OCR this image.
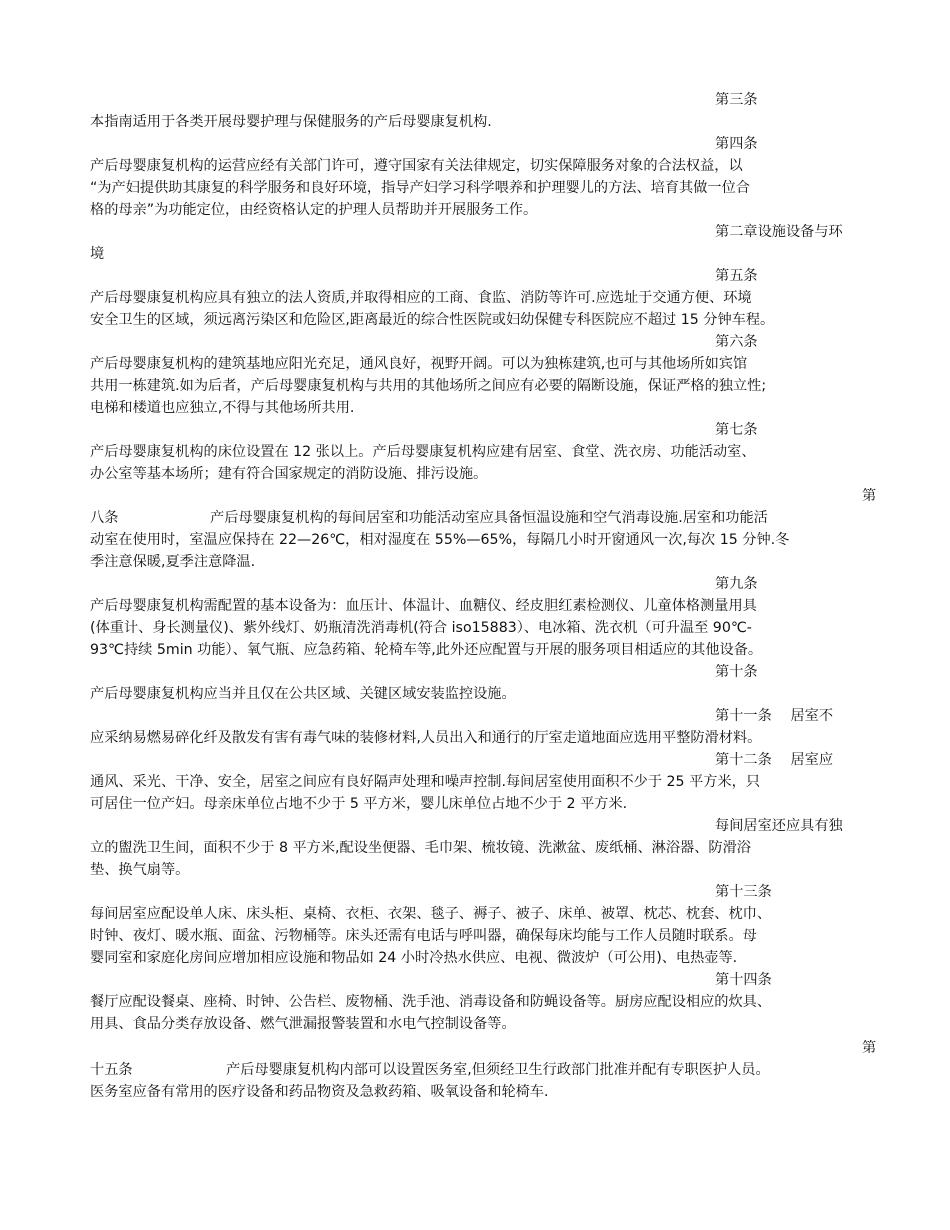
第三条
本指南适用于各类开展母婴护理与保健服务的产后母婴康复机构.
第四条
产后母婴康复机构的运营应经有关部门许可，遵守国家有关法律规定，切实保障服务对象的合法权益，以
“为产妇提供助其康复的科学服务和良好环境，指导产妇学习科学喂养和护理婴儿的方法、培育其做一位合
格的母亲”为功能定位，由经资格认定的护理人员帮助并开展服务工作。
第二章设施设备与环
境
第五条
产后母婴康复机构应具有独立的法人资质,并取得相应的工商、食监、消防等许可.应选址于交通方便、环境
安全卫生的区域，须远离污染区和危险区,距离最近的综合性医院或妇幼保健专科医院应不超过 15 分钟车程。
第六条
产后母婴康复机构的建筑基地应阳光充足，通风良好，视野开阔。可以为独栋建筑,也可与其他场所如宾馆
共用一栋建筑.如为后者，产后母婴康复机构与共用的其他场所之间应有必要的隔断设施，保证严格的独立性;
电梯和楼道也应独立,不得与其他场所共用.
第七条
产后母婴康复机构的床位设置在 12 张以上。产后母婴康复机构应建有居室、食堂、洗衣房、功能活动室、
办公室等基本场所；建有符合国家规定的消防设施、排污设施。
第
八条	产后母婴康复机构的每间居室和功能活动室应具备恒温设施和空气消毒设施.居室和功能活
动室在使用时，室温应保持在 22—26℃，相对湿度在 55%—65%，每隔几小时开窗通风一次,每次 15 分钟.冬
季注意保暖,夏季注意降温.
第九条
产后母婴康复机构需配置的基本设备为：血压计、体温计、血糖仪、经皮胆红素检测仪、儿童体格测量用具
(体重计、身长测量仪)、紫外线灯、奶瓶清洗消毒机(符合 iso15883）、电冰箱、洗衣机（可升温至 90℃-
93℃持续 5min 功能）、氧气瓶、应急药箱、轮椅车等,此外还应配置与开展的服务项目相适应的其他设备。
第十条
产后母婴康复机构应当并且仅在公共区域、关键区域安装监控设施。
第十一条　 居室不
应采纳易燃易碎化纤及散发有害有毒气味的装修材料,人员出入和通行的厅室走道地面应选用平整防滑材料。
第十二条　 居室应
通风、采光、干净、安全，居室之间应有良好隔声处理和噪声控制.每间居室使用面积不少于 25 平方米，只
可居住一位产妇。母亲床单位占地不少于 5 平方米，婴儿床单位占地不少于 2 平方米.
每间居室还应具有独
立的盥洗卫生间，面积不少于 8 平方米,配设坐便器、毛巾架、梳妆镜、洗漱盆、废纸桶、淋浴器、防滑浴
垫、换气扇等。
第十三条
每间居室应配设单人床、床头柜、桌椅、衣柜、衣架、毯子、褥子、被子、床单、被罩、枕芯、枕套、枕巾、
时钟、夜灯、暖水瓶、面盆、污物桶等。床头还需有电话与呼叫器，确保每床均能与工作人员随时联系。母
婴同室和家庭化房间应增加相应设施和物品如 24 小时冷热水供应、电视、微波炉（可公用)、电热壶等.
第十四条
餐厅应配设餐桌、座椅、时钟、公告栏、废物桶、洗手池、消毒设备和防蝇设备等。厨房应配设相应的炊具、
用具、食品分类存放设备、燃气泄漏报警装置和水电气控制设备等。
第
十五条	产后母婴康复机构内部可以设置医务室,但须经卫生行政部门批准并配有专职医护人员。
医务室应备有常用的医疗设备和药品物资及急救药箱、吸氧设备和轮椅车.
